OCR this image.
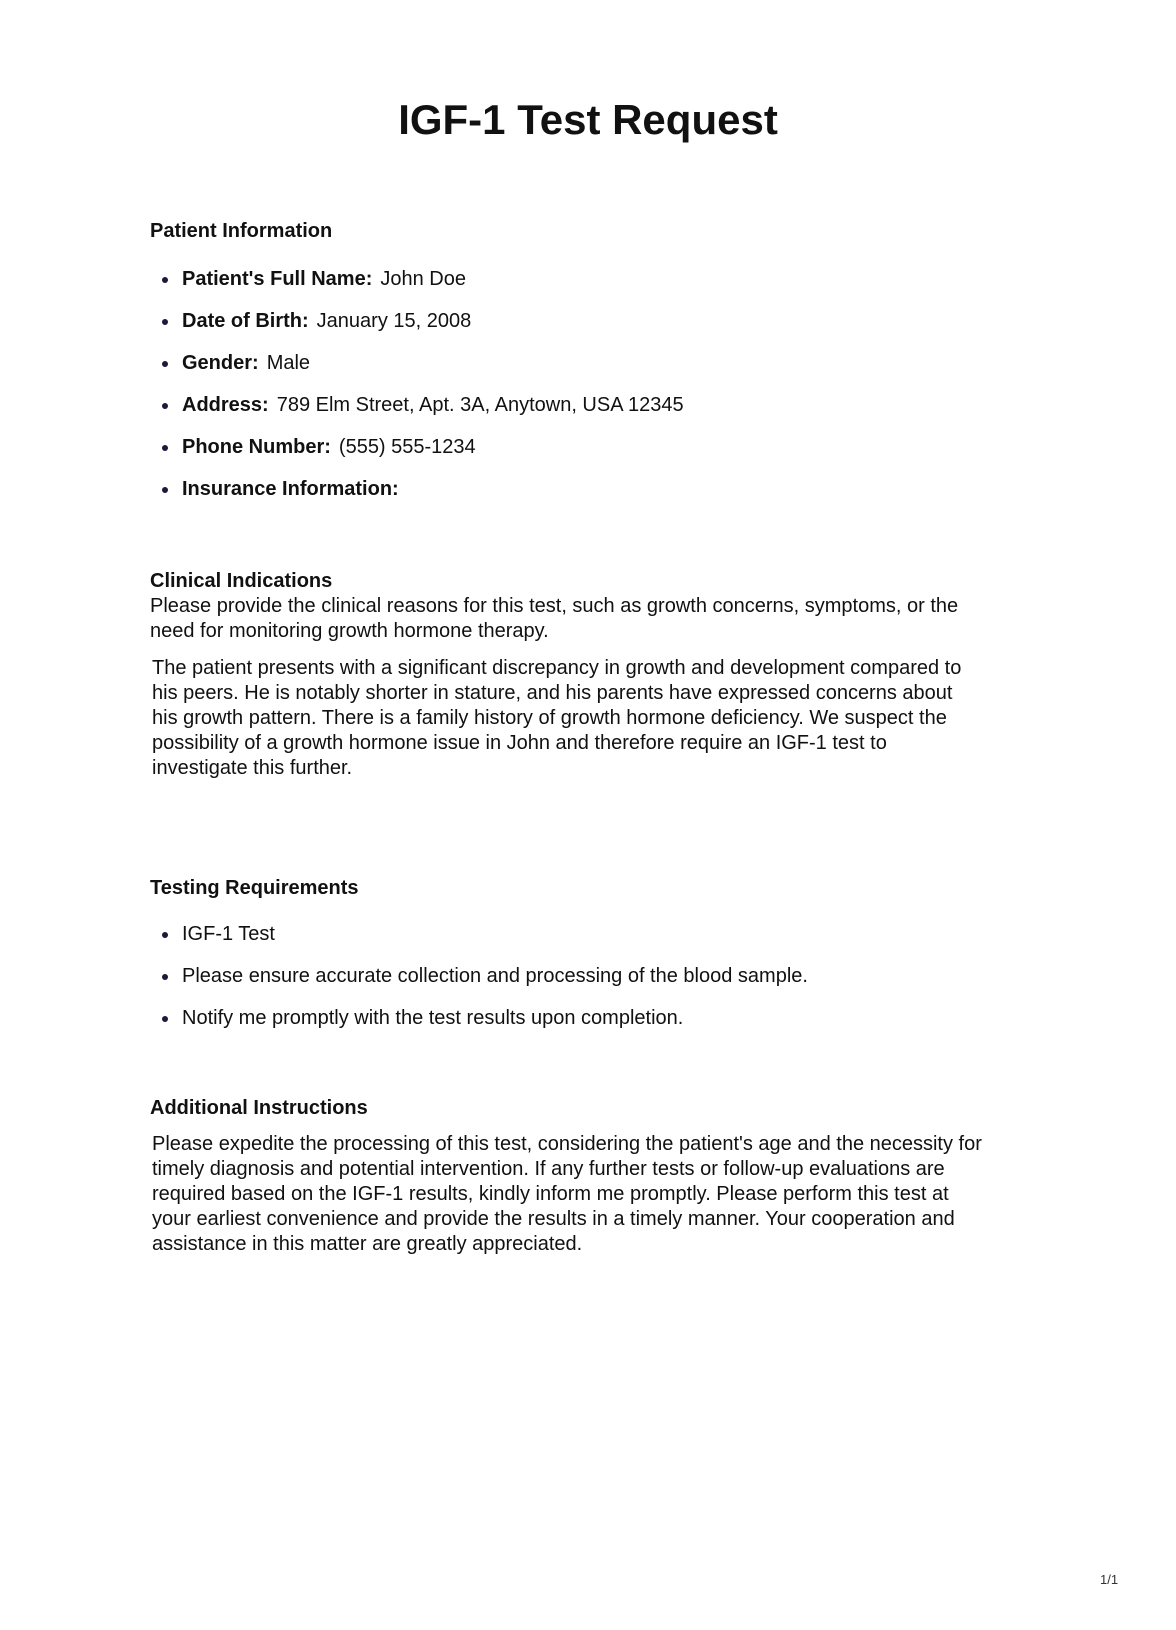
IGF-1 Test Request
Patient Information
Patient's Full Name: John Doe
Date of Birth: January 15, 2008
Gender: Male
Address: 789 Elm Street, Apt. 3A, Anytown, USA 12345
Phone Number: (555) 555-1234
Insurance Information:
Clinical Indications

Please provide the clinical reasons for this test, such as growth concerns, symptoms, or the need for monitoring growth hormone therapy.

The patient presents with a significant discrepancy in growth and development compared to his peers. He is notably shorter in stature, and his parents have expressed concerns about his growth pattern. There is a family history of growth hormone deficiency. We suspect the possibility of a growth hormone issue in John and therefore require an IGF-1 test to investigate this further.

Testing Requirements
IGF-1 Test
Please ensure accurate collection and processing of the blood sample.
Notify me promptly with the test results upon completion.
Additional Instructions

Please expedite the processing of this test, considering the patient's age and the necessity for timely diagnosis and potential intervention. If any further tests or follow-up evaluations are required based on the IGF-1 results, kindly inform me promptly. Please perform this test at your earliest convenience and provide the results in a timely manner. Your cooperation and assistance in this matter are greatly appreciated.

1/1
